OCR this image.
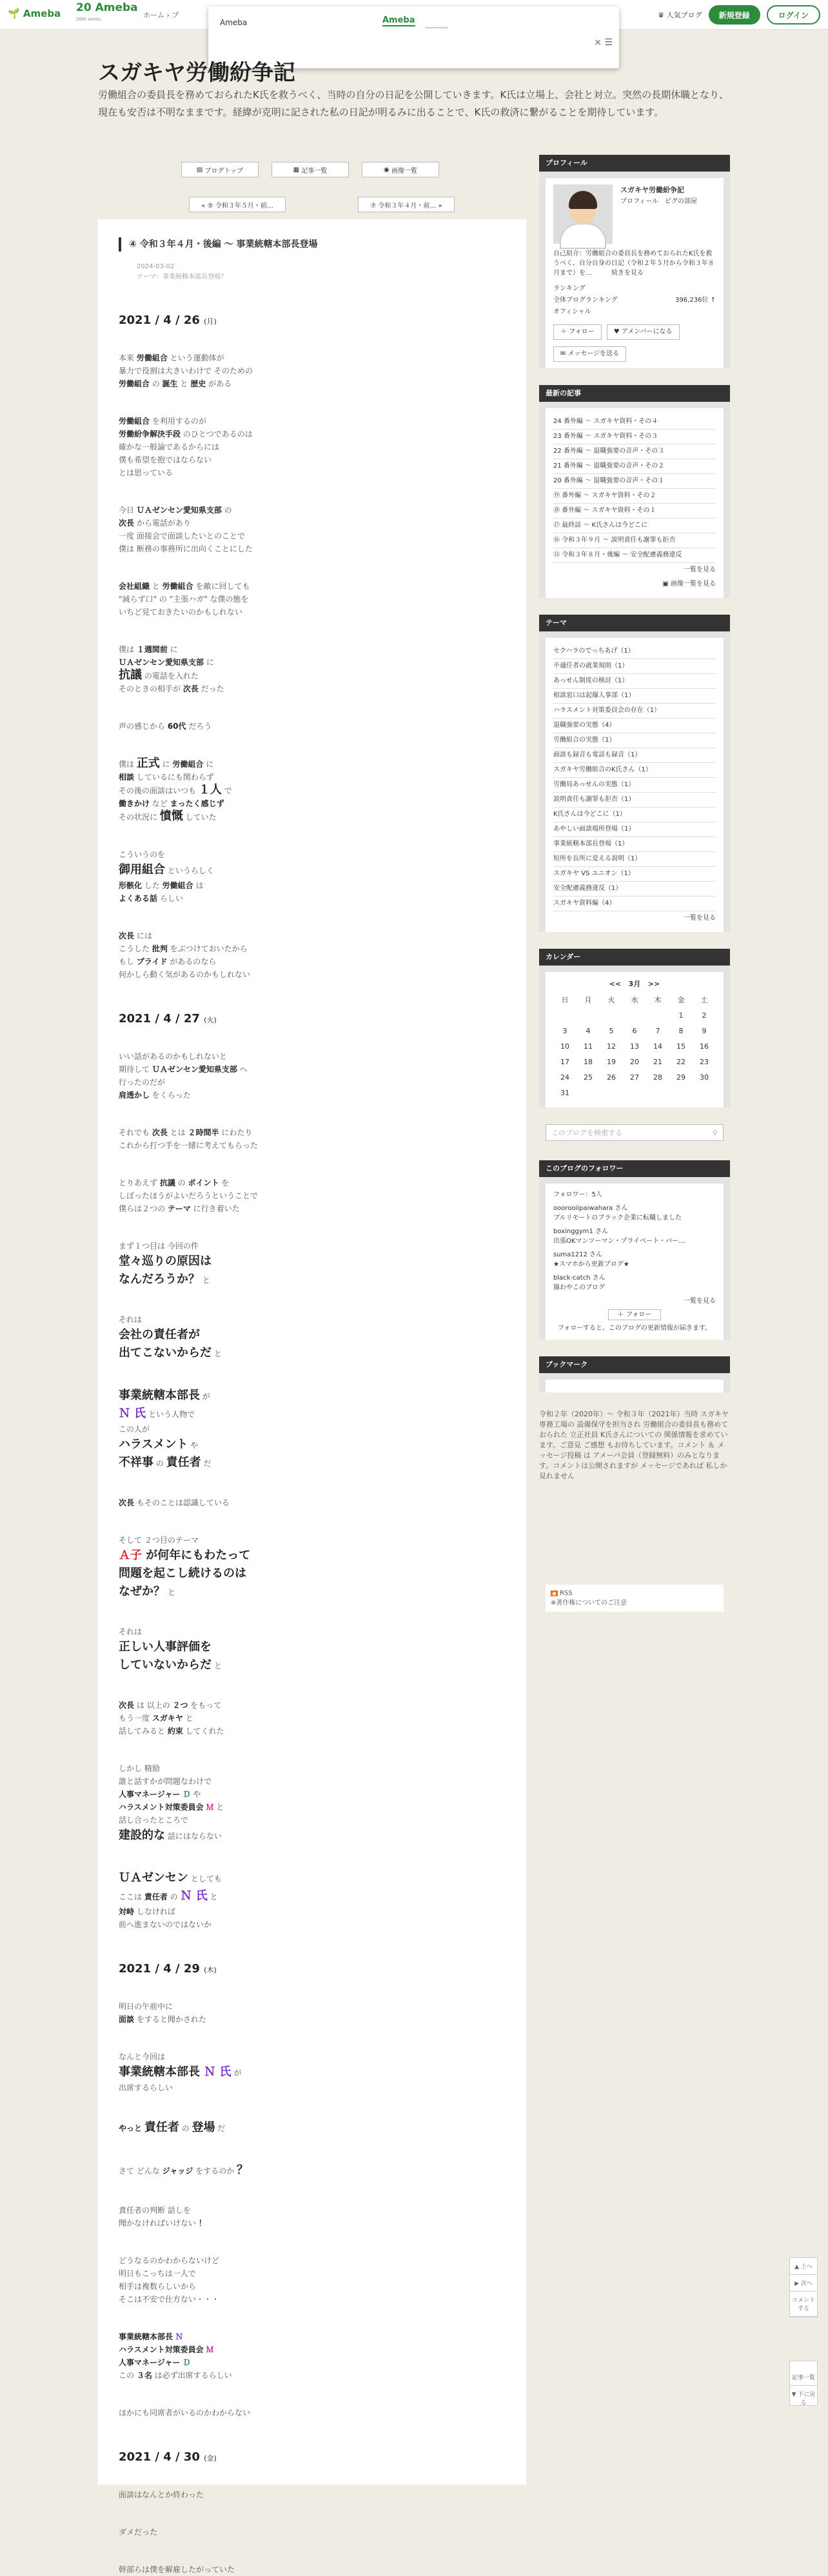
🌱 Ameba 20 Ameba
20th Anniv.	ホーム › ブ	♛ 人気ブログ	新規登録	ログイン
Ameba	Ameba
× ☰
スガキヤ労働紛争記
労働組合の委員長を務めておられたK氏を救うべく、当時の自分の日記を公開していきます。K氏は立場上、会社と対立。突然の長期休職となり、現在も安否は不明なままです。経緯が克明に記された私の日記が明るみに出ることで、K氏の救済に繋がることを期待しています。
▤ ブログトップ	▦ 記事一覧	◉ 画像一覧
« ⑤ 令和３年５月・前…	⑦ 令和３年４月・前… »
④ 令和３年４月・後編 〜 事業統轄本部長登場
2024-03-02
テーマ：事業統轄本部長登場？
2021 / 4 / 26 (月)
本来 労働組合 という運動体が
暴力で役割は大きいわけで そのための
労働組合 の 誕生 と 歴史 がある
労働組合 を利用するのが
労働紛争解決手段 のひとつであるのは
確かな一般論であるからには
僕も希望を抱ではならない
とは思っている
今日 ＵＡゼンセン愛知県支部 の
次長 から電話があり
一度 面接会で面談したいとのことで
僕は 断務の事務所に出向くことにした
会社組織 と 労働組合 を敵に回しても
"減らず口" の "主張ハガ" な僕の態を
いちど見ておきたいのかもしれない
僕は １週間前 に
ＵＡゼンセン愛知県支部 に
抗議 の電話を入れた
そのときの相手が 次長 だった
声の感じから 60代 だろう
僕は 正式 に 労働組合 に
相談 しているにも関わらず
その後の面談はいつも １人 で
働きかけ など まったく感じず
その状況に 憤慨 していた
こういうのを
御用組合 というらしく
形骸化 した 労働組合 は
よくある話 らしい
次長 には
こうした 批判 をぶつけておいたから
もし プライド があるのなら
何かしら動く気があるのかもしれない
2021 / 4 / 27 (火)
いい話があるのかもしれないと
期待して ＵＡゼンセン愛知県支部 へ
行ったのだが
肩透かし をくらった
それでも 次長 とは ２時間半 にわたり
これから打つ手を一緒に考えてもらった
とりあえず 抗議 の ポイント を
しぼったほうがよいだろうということで
僕らは２つの テーマ に行き着いた
まず１つ目は 今回の件
堂々巡りの原因は
なんだろうか？ と
それは
会社の責任者が
出てこないからだ と
事業統轄本部長 が
Ｎ 氏 という人物で
この人が
ハラスメント や
不祥事 の 責任者 だ
次長 もそのことは認識している
そして ２つ目のテーマ
Ａ子 が何年にもわたって
問題を起こし続けるのは
なぜか？ と
それは
正しい人事評価を
していないからだ と
次長 は 以上の ２つ をもって
もう一度 スガキヤ と
話してみると 約束 してくれた
しかし 精励
誰と話すかが問題なわけで
人事マネージャー Ｄ や
ハラスメント対策委員会 Ｍ と
話し合ったところで
建設的な 話にはならない
ＵＡゼンセン としても
ここは 責任者 の Ｎ 氏 と
対峙 しなければ
前へ進まないのではないか
2021 / 4 / 29 (木)
明日の午前中に
面談 をすると聞かされた
なんと今回は
事業統轄本部長 Ｎ 氏 が
出席するらしい
やっと 責任者 の 登場 だ
さて どんな ジャッジ をするのか ？
責任者の判断 話しを
聞かなければいけない ！
どうなるのかわからないけど
明日もこっちは一人で
相手は複数らしいから
そこは不安で仕方ない・・・
事業統轄本部長 Ｎ
ハラスメント対策委員会 Ｍ
人事マネージャー Ｄ
この ３名 は必ず出席するらしい
ほかにも同席者がいるのかわからない
2021 / 4 / 30 (金)
面談はなんとか終わった
ダメだった
幹部らは僕を解雇したがっていた
プロフィール
スガキヤ労働紛争記
プロフィール　ピグの部屋
自己紹介：労働組合の委員長を務めておられたK氏を救うべく、自分自身の日記（令和２年５月から令和３年８月まで）を…　　　続きを見る
ランキング
全体ブログランキング	396,236位 ↑
オフィシャル
＋ フォロー	♥ アメンバーになる
✉ メッセージを送る
最新の記事
24 番外編 〜 スガキヤ資料・その４
23 番外編 〜 スガキヤ資料・その３
22 番外編 〜 退職強要の音声・その３
21 番外編 〜 退職強要の音声・その２
20 番外編 〜 退職強要の音声・その１
⑲ 番外編 〜 スガキヤ資料・その２
⑱ 番外編 〜 スガキヤ資料・その１
⑰ 最終話 〜 K氏さんは今どこに
⑯ 令和３年９月 〜 説明責任も謝罪も拒否
⑮ 令和３年８月・後編 〜 安全配慮義務違反
一覧を見る
▣ 画像一覧を見る
テーマ
セクハラのでっちあげ（1）
不適任者の就業規則（1）
あっせん制度の検討（1）
相談窓口は起爆人事部（1）
ハラスメント対策委員会の存在（1）
退職強要の実態（4）
労働組合の実態（1）
面談も録音も電話も録音（1）
スガキヤ労働組合のK氏さん（1）
労働局あっせんの実態（1）
説明責任も謝罪も拒否（1）
K氏さんは今どこに（1）
あやしい面談場所登場（1）
事業統轄本部長登場（1）
短所を長所に変える説明（1）
スガキヤ VS ユニオン（1）
安全配慮義務違反（1）
スガキヤ資料編（4）
一覧を見る
カレンダー
<< 3月 >>
日	月	火	水	木	金	土
					1	2
3	4	5	6	7	8	9
10	11	12	13	14	15	16
17	18	19	20	21	22	23
24	25	26	27	28	29	30
31						
このブログを検索する	⚲
このブログのフォロワー
フォロワー：5人
ooorooiipaiwahara さん
ブルリモートのブラック企業に転職しました
boxinggym1 さん
出張OKマンツーマン・プライベート・パー…
suma1212 さん
★スマホから更新ブログ★
black-catch さん
猫わやこのブログ
一覧を見る
＋ フォロー
フォローすると、このブログの更新情報が届きます。
ブックマーク
令和２年（2020年）〜 令和３年（2021年）当時 スガキヤ専務工場の 設備保守を担当され 労働組合の委員長も務めておられた 立正社員 K氏さんについての 関係情報を求めています。ご意見 ご感想 もお待ちしています。コメント ＆ メッセージ投稿 は アメーバ会員（登録無料）のみとなります。コメントは公開されますが メッセージであれば 私しか見れません
◉ RSS
※著作権についてのご注意
▲ 上へ
▶ 次へ
コメントする
記事一覧
▼ 下に戻る
